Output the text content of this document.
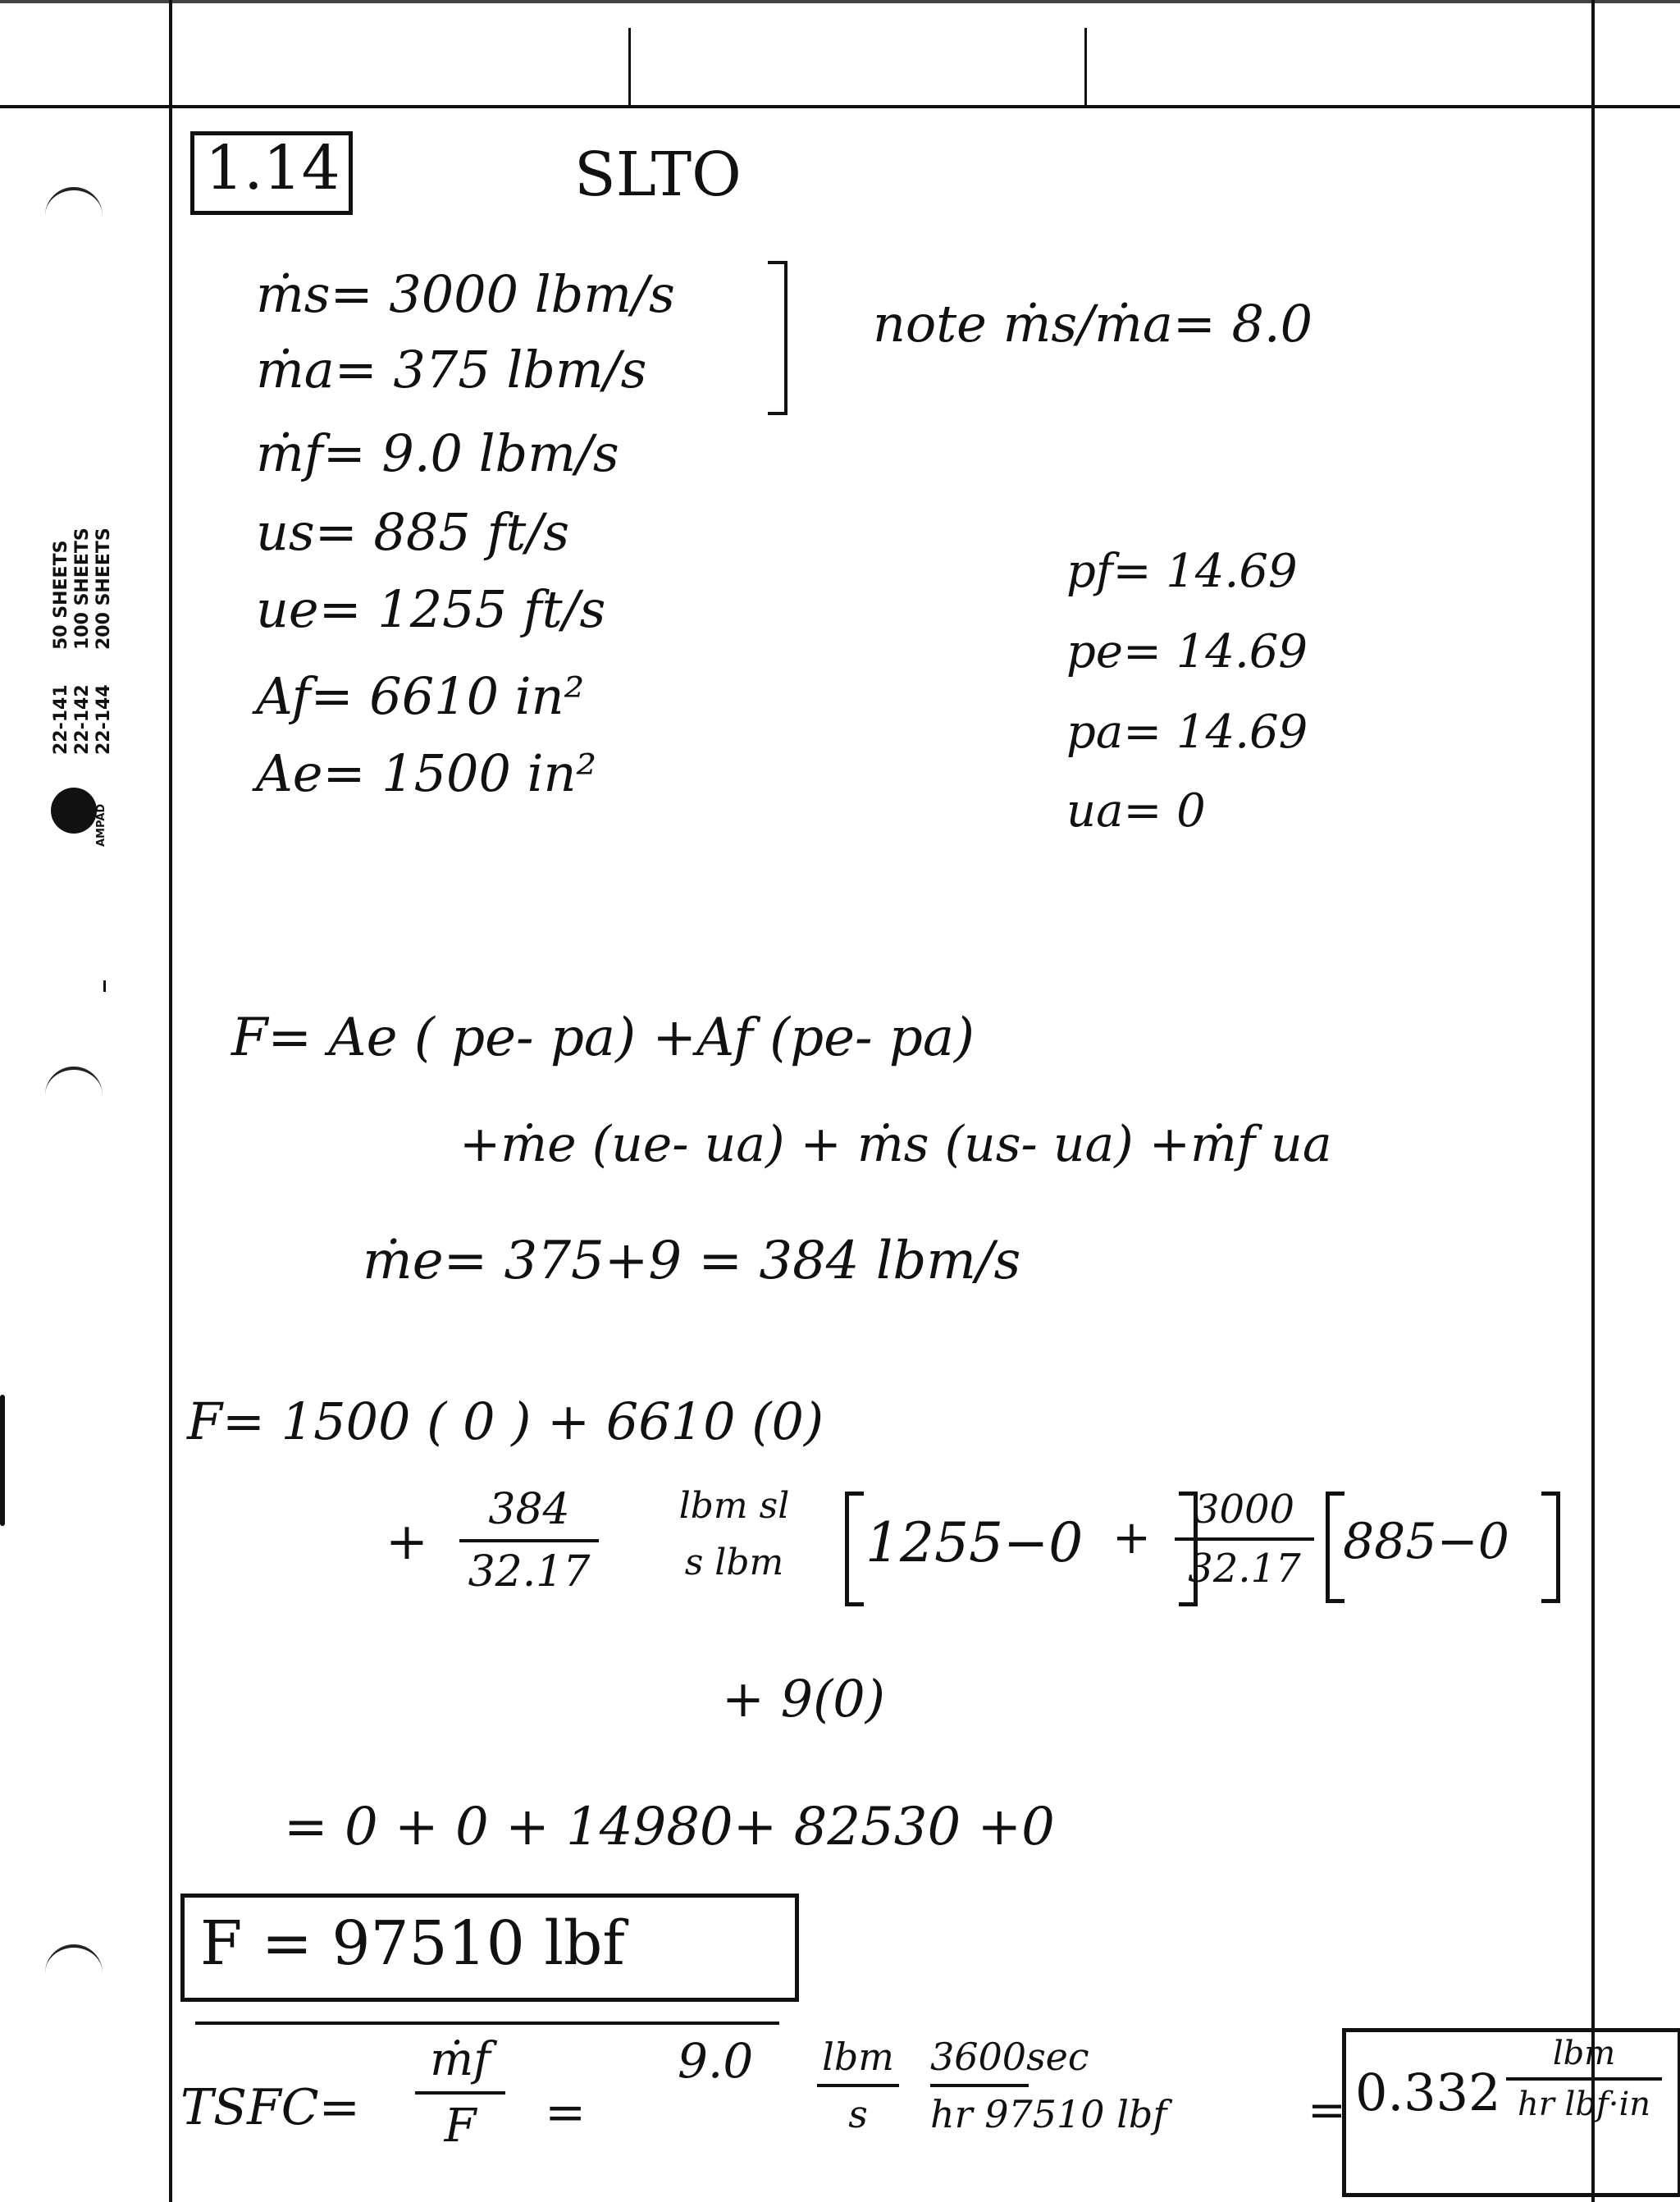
22-141 22-142 22-144
50 SHEETS 100 SHEETS 200 SHEETS
AMPAD
1.14	SLTO
ṁs= 3000 lbm/s
ṁa= 375 lbm/s
note ṁs/ṁa= 8.0
ṁf= 9.0 lbm/s
us= 885 ft/s
ue= 1255 ft/s
Af= 6610 in²
Ae= 1500 in²
pf= 14.69
pe= 14.69
pa= 14.69
ua= 0
F= Ae ( pe- pa) +Af (pe- pa)
+ṁe (ue- ua) + ṁs (us- ua) +ṁf ua
ṁe= 375+9 = 384 lbm/s
F= 1500 ( 0 ) + 6610 (0)
+
384
32.17
lbm sl
s lbm	1255−0 +
3000
32.17 885−0
+ 9(0)
= 0 + 0 + 14980+ 82530 +0
F = 97510 lbf
TSFC=
ṁf
F	=
9.0 lbm
s
3600sec
hr 97510 lbf	= 0.332
lbm
hr lbf·in
